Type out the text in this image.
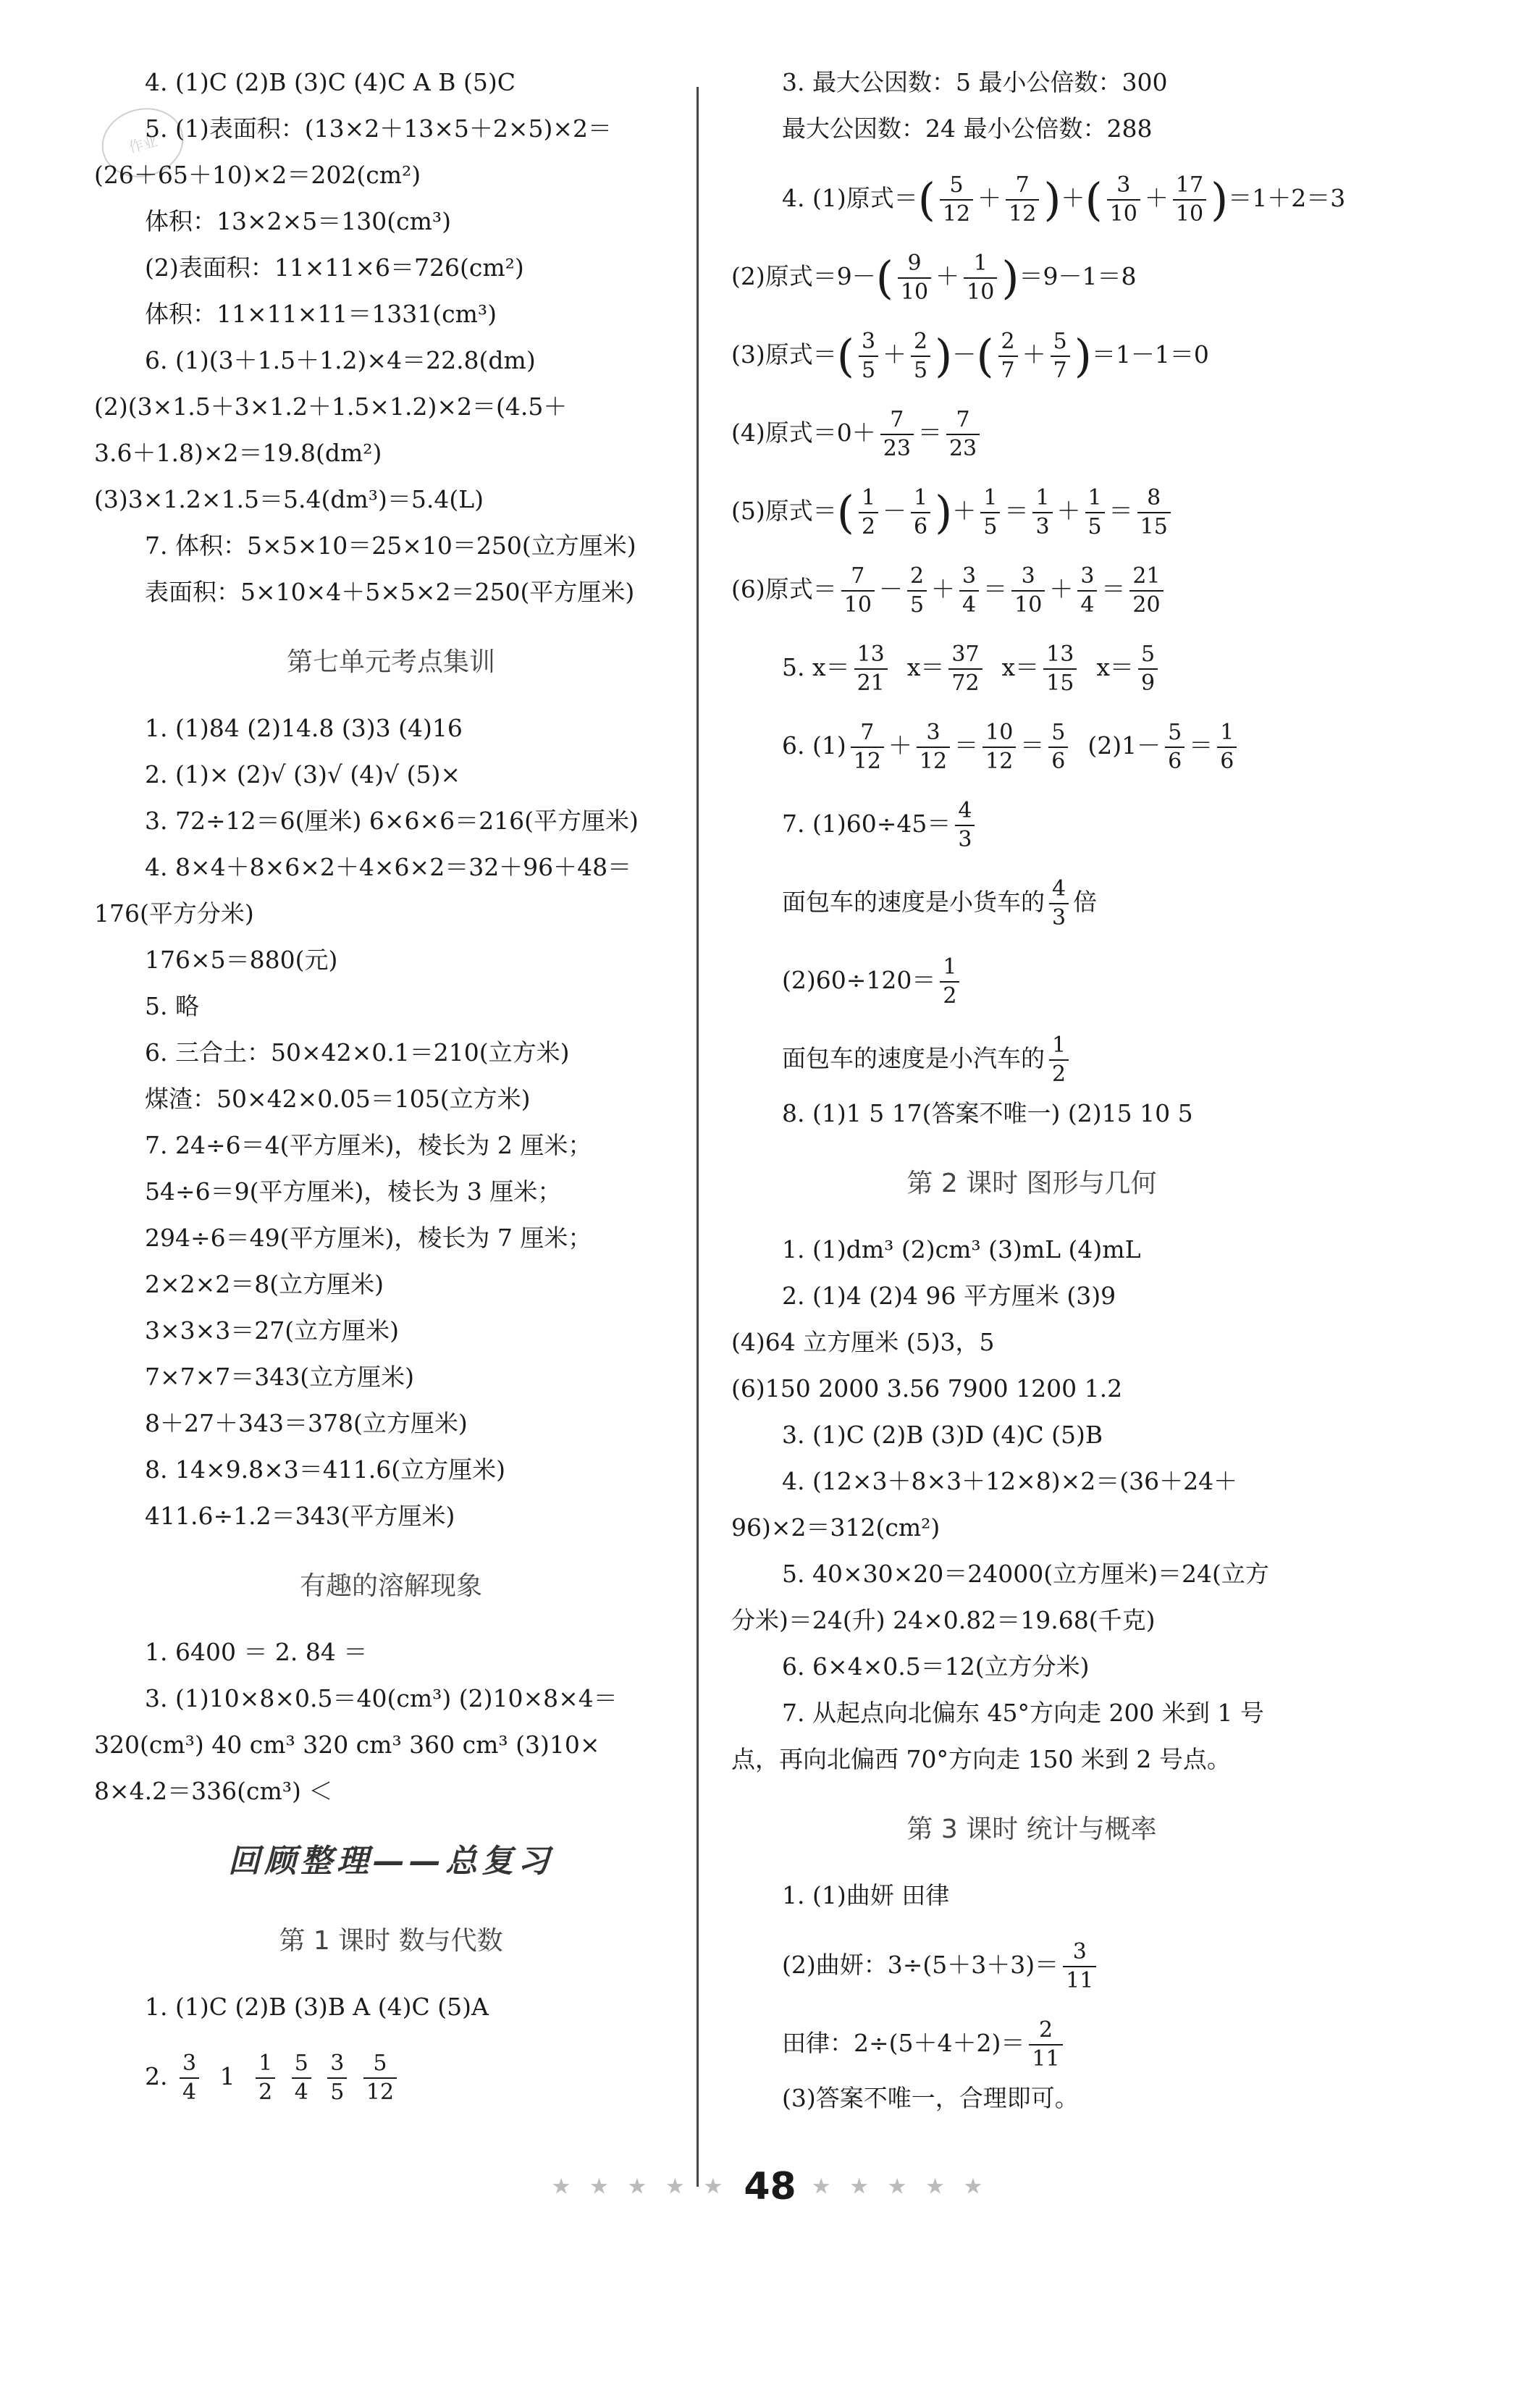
作业
4. (1)C (2)B (3)C (4)C A B (5)C
5. (1)表面积：(13×2＋13×5＋2×5)×2＝
(26＋65＋10)×2＝202(cm²)
体积：13×2×5＝130(cm³)
(2)表面积：11×11×6＝726(cm²)
体积：11×11×11＝1331(cm³)
6. (1)(3＋1.5＋1.2)×4＝22.8(dm)
(2)(3×1.5＋3×1.2＋1.5×1.2)×2＝(4.5＋
3.6＋1.8)×2＝19.8(dm²)
(3)3×1.2×1.5＝5.4(dm³)＝5.4(L)
7. 体积：5×5×10＝25×10＝250(立方厘米)
表面积：5×10×4＋5×5×2＝250(平方厘米)
第七单元考点集训
1. (1)84 (2)14.8 (3)3 (4)16
2. (1)× (2)√ (3)√ (4)√ (5)×
3. 72÷12＝6(厘米) 6×6×6＝216(平方厘米)
4. 8×4＋8×6×2＋4×6×2＝32＋96＋48＝
176(平方分米)
176×5＝880(元)
5. 略
6. 三合土：50×42×0.1＝210(立方米)
煤渣：50×42×0.05＝105(立方米)
7. 24÷6＝4(平方厘米)，棱长为 2 厘米；
54÷6＝9(平方厘米)，棱长为 3 厘米；
294÷6＝49(平方厘米)，棱长为 7 厘米；
2×2×2＝8(立方厘米)
3×3×3＝27(立方厘米)
7×7×7＝343(立方厘米)
8＋27＋343＝378(立方厘米)
8. 14×9.8×3＝411.6(立方厘米)
411.6÷1.2＝343(平方厘米)
有趣的溶解现象
1. 6400 ＝ 2. 84 ＝
3. (1)10×8×0.5＝40(cm³) (2)10×8×4＝
320(cm³) 40 cm³ 320 cm³ 360 cm³ (3)10×
8×4.2＝336(cm³) ＜
回顾整理——总复习
第 1 课时 数与代数
1. (1)C (2)B (3)B A (4)C (5)A
2. $\frac{3}{4} 1 \frac{1}{2}$
$\frac{5}{4}$
$\frac{3}{5}$
$\frac{5}{12}$
3. 最大公因数：5 最小公倍数：300
最大公因数：24 最小公倍数：288
4. (1)原式＝( $\frac{5}{12} + \frac{7}{12}$ )＋( $\frac{3}{10} + \frac{17}{10} )=1+2=3$
(2)原式$=9-( \frac{9}{10} + \frac{1}{10} )=9-1=8$
(3)原式＝( $\frac{3}{5} + \frac{2}{5}$ )－( $\frac{2}{7} + \frac{5}{7} )=1-1=0$
(4)原式$=0+ \frac{7}{23} = \frac{7}{23}$
(5)原式＝( $\frac{1}{2} - \frac{1}{6}$ )＋ $\frac{1}{5} = \frac{1}{3} + \frac{1}{5} = \frac{8}{15}$
(6)原式＝ $\frac{7}{10} - \frac{2}{5} + \frac{3}{4} = \frac{3}{10} + \frac{3}{4} = \frac{21}{20}$
5. $x= \frac{13}{21} x= \frac{37}{72} x= \frac{13}{15} x= \frac{5}{9}$
6. $(1) \frac{7}{12} + \frac{3}{12} = \frac{10}{12} = \frac{5}{6} (2)1- \frac{5}{6} = \frac{1}{6}$
7. $(1)60\div 45= \frac{4}{3}$
面包车的速度是小货车的 $\frac{4}{3}$ 倍
$(2)60\div 120= \frac{1}{2}$
面包车的速度是小汽车的 $\frac{1}{2}$
8. (1)1 5 17(答案不唯一) (2)15 10 5
第 2 课时 图形与几何
1. (1)dm³ (2)cm³ (3)mL (4)mL
2. (1)4 (2)4 96 平方厘米 (3)9
(4)64 立方厘米 (5)3，5
(6)150 2000 3.56 7900 1200 1.2
3. (1)C (2)B (3)D (4)C (5)B
4. (12×3＋8×3＋12×8)×2＝(36＋24＋
96)×2＝312(cm²)
5. 40×30×20＝24000(立方厘米)＝24(立方
分米)＝24(升) 24×0.82＝19.68(千克)
6. 6×4×0.5＝12(立方分米)
7. 从起点向北偏东 45°方向走 200 米到 1 号
点，再向北偏西 70°方向走 150 米到 2 号点。
第 3 课时 统计与概率
1. (1)曲妍 田律
(2)曲妍：$3\div(5+3+3)= \frac{3}{11}$
田律：$2\div(5+4+2)= \frac{2}{11}$
(3)答案不唯一，合理即可。
★ ★ ★ ★ ★ 48 ★ ★ ★ ★ ★
